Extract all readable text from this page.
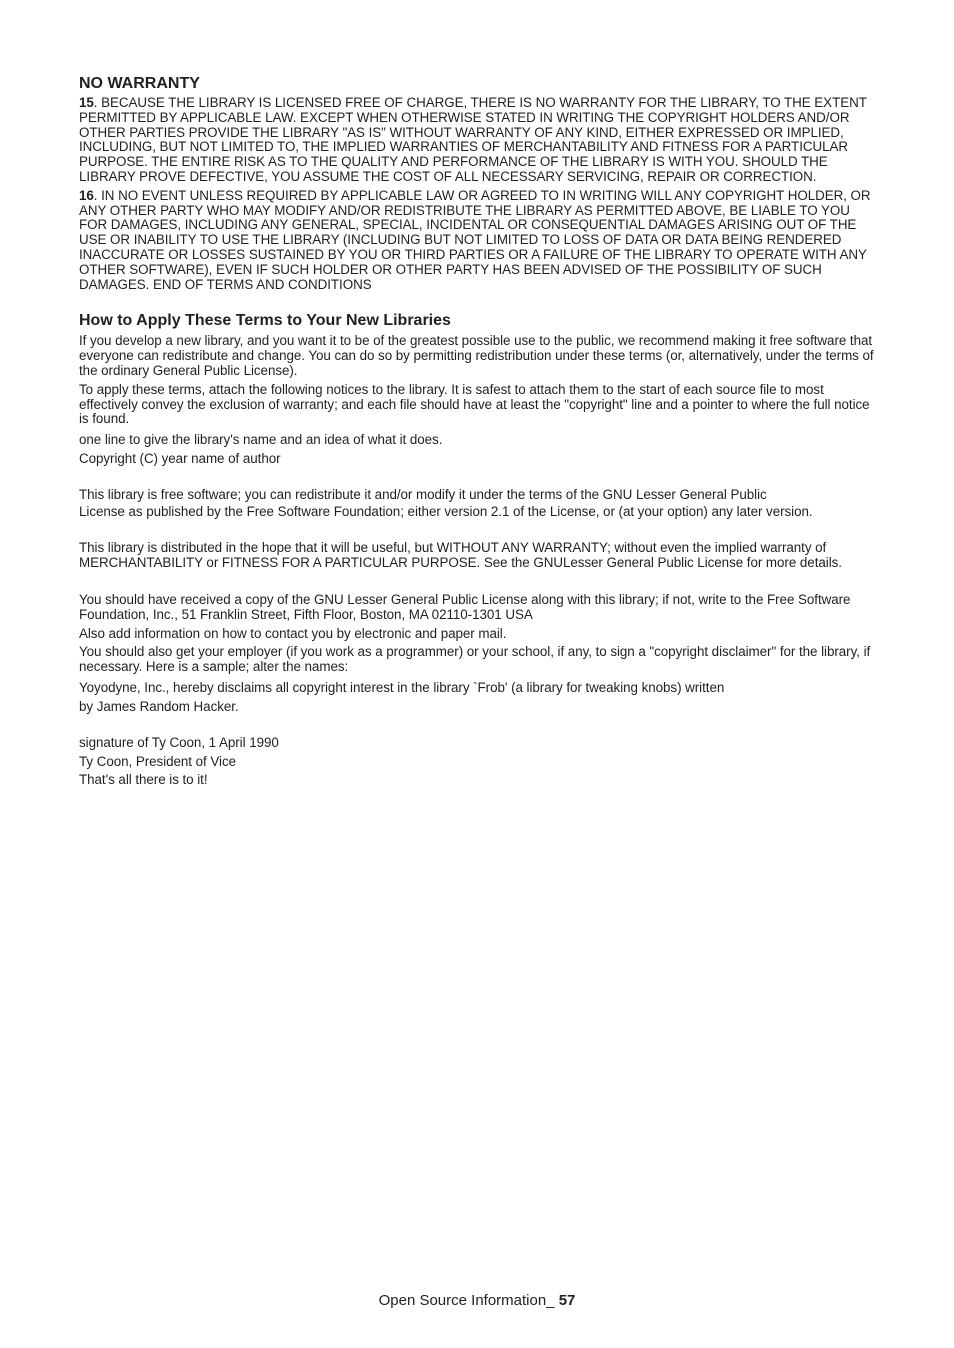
NO WARRANTY

15. BECAUSE THE LIBRARY IS LICENSED FREE OF CHARGE, THERE IS NO WARRANTY FOR THE LIBRARY, TO THE EXTENT PERMITTED BY APPLICABLE LAW. EXCEPT WHEN OTHERWISE STATED IN WRITING THE COPYRIGHT HOLDERS AND/OR OTHER PARTIES PROVIDE THE LIBRARY "AS IS" WITHOUT WARRANTY OF ANY KIND, EITHER EXPRESSED OR IMPLIED, INCLUDING, BUT NOT LIMITED TO, THE IMPLIED WARRANTIES OF MERCHANTABILITY AND FITNESS FOR A PARTICULAR PURPOSE. THE ENTIRE RISK AS TO THE QUALITY AND PERFORMANCE OF THE LIBRARY IS WITH YOU. SHOULD THE LIBRARY PROVE DEFECTIVE, YOU ASSUME THE COST OF ALL NECESSARY SERVICING, REPAIR OR CORRECTION.

16. IN NO EVENT UNLESS REQUIRED BY APPLICABLE LAW OR AGREED TO IN WRITING WILL ANY COPYRIGHT HOLDER, OR ANY OTHER PARTY WHO MAY MODIFY AND/OR REDISTRIBUTE THE LIBRARY AS PERMITTED ABOVE, BE LIABLE TO YOU FOR DAMAGES, INCLUDING ANY GENERAL, SPECIAL, INCIDENTAL OR CONSEQUENTIAL DAMAGES ARISING OUT OF THE USE OR INABILITY TO USE THE LIBRARY (INCLUDING BUT NOT LIMITED TO LOSS OF DATA OR DATA BEING RENDERED INACCURATE OR LOSSES SUSTAINED BY YOU OR THIRD PARTIES OR A FAILURE OF THE LIBRARY TO OPERATE WITH ANY OTHER SOFTWARE), EVEN IF SUCH HOLDER OR OTHER PARTY HAS BEEN ADVISED OF THE POSSIBILITY OF SUCH DAMAGES. END OF TERMS AND CONDITIONS

How to Apply These Terms to Your New Libraries

If you develop a new library, and you want it to be of the greatest possible use to the public, we recommend making it free software that everyone can redistribute and change. You can do so by permitting redistribution under these terms (or, alternatively, under the terms of the ordinary General Public License).

To apply these terms, attach the following notices to the library. It is safest to attach them to the start of each source file to most effectively convey the exclusion of warranty; and each file should have at least the "copyright" line and a pointer to where the full notice is found.

one line to give the library's name and an idea of what it does.

Copyright (C) year name of author

This library is free software; you can redistribute it and/or modify it under the terms of the GNU Lesser General Public

License as published by the Free Software Foundation; either version 2.1 of the License, or (at your option) any later version.

This library is distributed in the hope that it will be useful, but WITHOUT ANY WARRANTY; without even the implied warranty of MERCHANTABILITY or FITNESS FOR A PARTICULAR PURPOSE. See the GNULesser General Public License for more details.

You should have received a copy of the GNU Lesser General Public License along with this library; if not, write to the Free Software Foundation, Inc., 51 Franklin Street, Fifth Floor, Boston, MA 02110-1301 USA

Also add information on how to contact you by electronic and paper mail.

You should also get your employer (if you work as a programmer) or your school, if any, to sign a "copyright disclaimer" for the library, if necessary. Here is a sample; alter the names:

Yoyodyne, Inc., hereby disclaims all copyright interest in the library `Frob' (a library for tweaking knobs) written

by James Random Hacker.

signature of Ty Coon, 1 April 1990

Ty Coon, President of Vice

That's all there is to it!

Open Source Information_ 57
